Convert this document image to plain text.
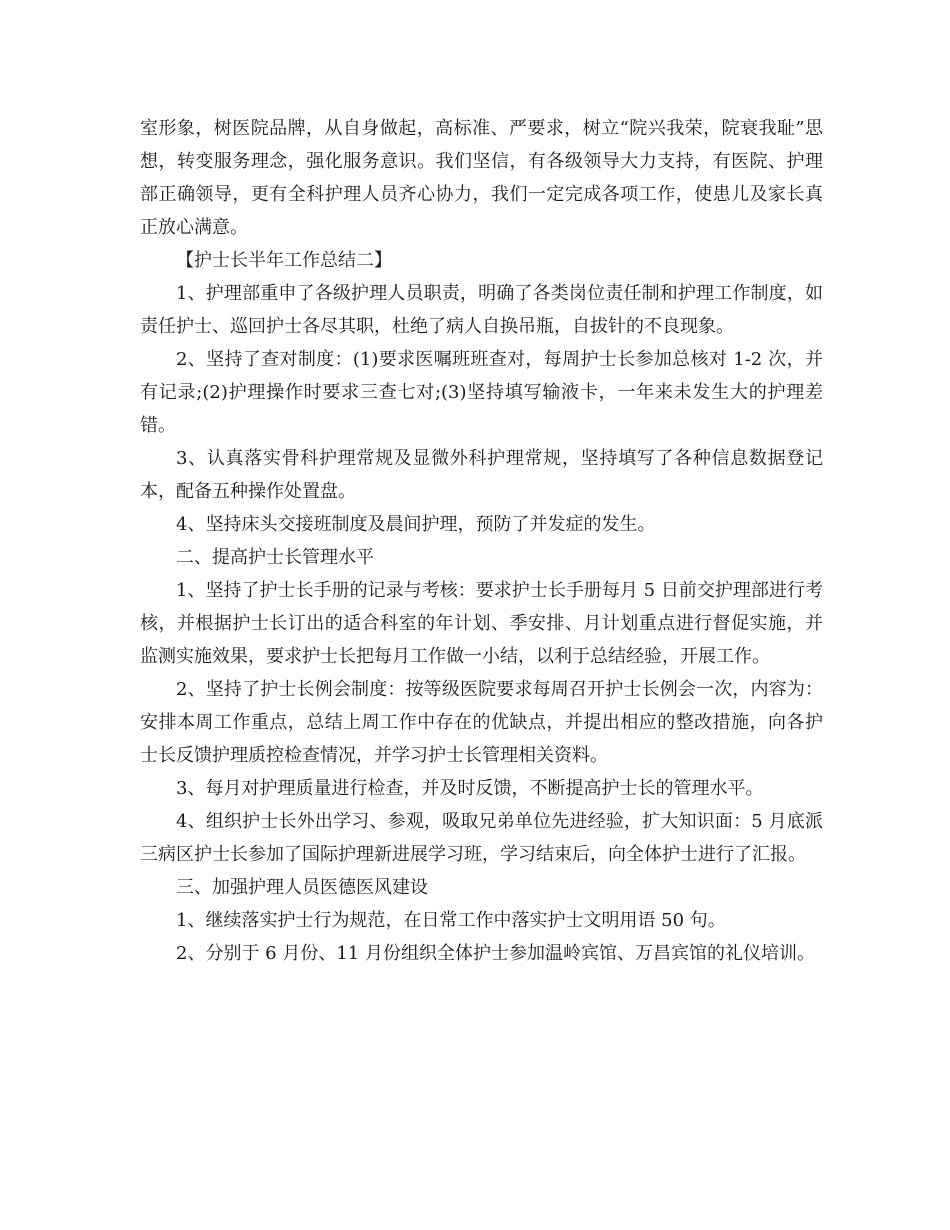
室形象，树医院品牌，从自身做起，高标准、严要求，树立“院兴我荣，院衰我耻”思想，转变服务理念，强化服务意识。我们坚信，有各级领导大力支持，有医院、护理部正确领导，更有全科护理人员齐心协力，我们一定完成各项工作，使患儿及家长真正放心满意。

【护士长半年工作总结二】

1、护理部重申了各级护理人员职责，明确了各类岗位责任制和护理工作制度，如责任护士、巡回护士各尽其职，杜绝了病人自换吊瓶，自拔针的不良现象。

2、坚持了查对制度：(1)要求医嘱班班查对，每周护士长参加总核对 1-2 次，并有记录;(2)护理操作时要求三查七对;(3)坚持填写输液卡，一年来未发生大的护理差错。

3、认真落实骨科护理常规及显微外科护理常规，坚持填写了各种信息数据登记本，配备五种操作处置盘。

4、坚持床头交接班制度及晨间护理，预防了并发症的发生。

二、提高护士长管理水平

1、坚持了护士长手册的记录与考核：要求护士长手册每月 5 日前交护理部进行考核，并根据护士长订出的适合科室的年计划、季安排、月计划重点进行督促实施，并监测实施效果，要求护士长把每月工作做一小结，以利于总结经验，开展工作。

2、坚持了护士长例会制度：按等级医院要求每周召开护士长例会一次，内容为：安排本周工作重点，总结上周工作中存在的优缺点，并提出相应的整改措施，向各护士长反馈护理质控检查情况，并学习护士长管理相关资料。

3、每月对护理质量进行检查，并及时反馈，不断提高护士长的管理水平。

4、组织护士长外出学习、参观，吸取兄弟单位先进经验，扩大知识面：5 月底派三病区护士长参加了国际护理新进展学习班，学习结束后，向全体护士进行了汇报。

三、加强护理人员医德医风建设

1、继续落实护士行为规范，在日常工作中落实护士文明用语 50 句。

2、分别于 6 月份、11 月份组织全体护士参加温岭宾馆、万昌宾馆的礼仪培训。
